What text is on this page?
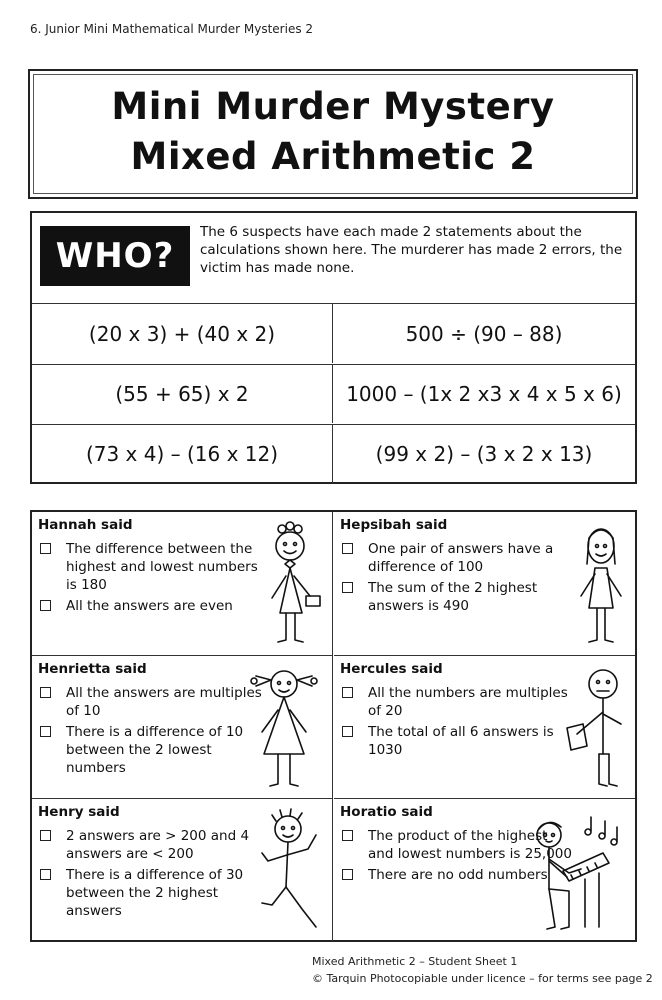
6. Junior Mini Mathematical Murder Mysteries 2
Mini Murder Mystery
Mixed Arithmetic 2
WHO?
The 6 suspects have each made 2 statements about the calculations shown here. The murderer has made 2 errors, the victim has made none.
(20 x 3) + (40 x 2)	500 ÷ (90 – 88)
(55 + 65) x 2	1000 – (1x 2 x3 x 4 x 5 x 6)
(73 x 4) – (16 x 12)	(99 x 2) – (3 x 2 x 13)
Hannah said
The difference between the highest and lowest numbers is 180
All the answers are even
Hepsibah said
One pair of answers have a difference of 100
The sum of the 2 highest answers is 490
Henrietta said
All the answers are multiples of 10
There is a difference of 10 between the 2 lowest numbers
Hercules said
All the numbers are multiples of 20
The total of all 6 answers is 1030
Henry said
2 answers are > 200 and 4 answers are < 200
There is a difference of 30 between the 2 highest answers
Horatio said
The product of the highest and lowest numbers is 25,000
There are no odd numbers
Mixed Arithmetic 2 – Student Sheet 1
© Tarquin Photocopiable under licence – for terms see page 2
